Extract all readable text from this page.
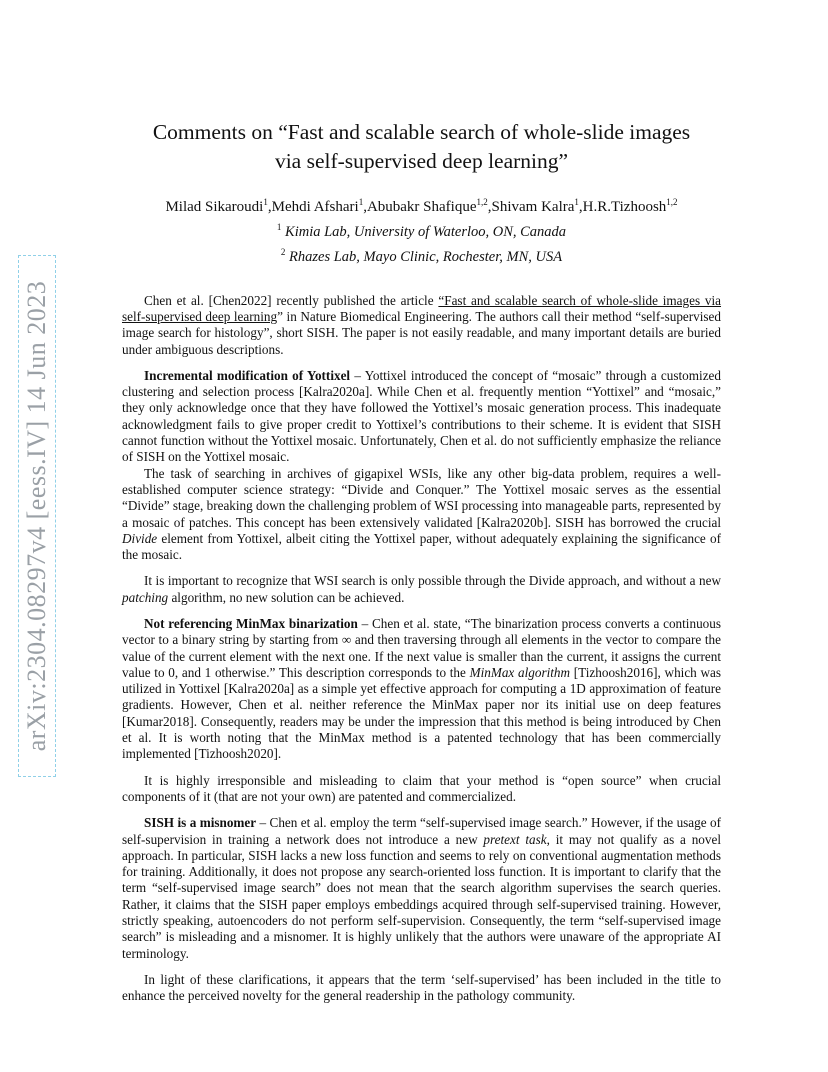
arXiv:2304.08297v4 [eess.IV] 14 Jun 2023
Comments on “Fast and scalable search of whole-slide images
via self-supervised deep learning”
Milad Sikaroudi$^1$,Mehdi Afshari$^1$,Abubakr Shafique$^{1,2}$,Shivam Kalra$^1$,H.R.Tizhoosh$^{1,2}$
$^1$ Kimia Lab, University of Waterloo, ON, Canada
$^2$ Rhazes Lab, Mayo Clinic, Rochester, MN, USA

Chen et al. [Chen2022] recently published the article “Fast and scalable search of whole-slide images via self-supervised deep learning” in Nature Biomedical Engineering. The authors call their method “self-supervised image search for histology”, short SISH. The paper is not easily readable, and many important details are buried under ambiguous descriptions.

Incremental modification of Yottixel – Yottixel introduced the concept of “mosaic” through a customized clustering and selection process [Kalra2020a]. While Chen et al. frequently mention “Yottixel” and “mosaic,” they only acknowledge once that they have followed the Yottixel’s mosaic generation process. This inadequate acknowledgment fails to give proper credit to Yottixel’s contributions to their scheme. It is evident that SISH cannot function without the Yottixel mosaic. Unfortunately, Chen et al. do not sufficiently emphasize the reliance of SISH on the Yottixel mosaic.

The task of searching in archives of gigapixel WSIs, like any other big-data problem, requires a well-established computer science strategy: “Divide and Conquer.” The Yottixel mosaic serves as the essential “Divide” stage, breaking down the challenging problem of WSI processing into manageable parts, represented by a mosaic of patches. This concept has been extensively validated [Kalra2020b]. SISH has borrowed the crucial Divide element from Yottixel, albeit citing the Yottixel paper, without adequately explaining the significance of the mosaic.

It is important to recognize that WSI search is only possible through the Divide approach, and without a new patching algorithm, no new solution can be achieved.

Not referencing MinMax binarization – Chen et al. state, “The binarization process converts a continuous vector to a binary string by starting from ∞ and then traversing through all elements in the vector to compare the value of the current element with the next one. If the next value is smaller than the current, it assigns the current value to 0, and 1 otherwise.” This description corresponds to the MinMax algorithm [Tizhoosh2016], which was utilized in Yottixel [Kalra2020a] as a simple yet effective approach for computing a 1D approximation of feature gradients. However, Chen et al. neither reference the MinMax paper nor its initial use on deep features [Kumar2018]. Consequently, readers may be under the impression that this method is being introduced by Chen et al. It is worth noting that the MinMax method is a patented technology that has been commercially implemented [Tizhoosh2020].

It is highly irresponsible and misleading to claim that your method is “open source” when crucial components of it (that are not your own) are patented and commercialized.

SISH is a misnomer – Chen et al. employ the term “self-supervised image search.” However, if the usage of self-supervision in training a network does not introduce a new pretext task, it may not qualify as a novel approach. In particular, SISH lacks a new loss function and seems to rely on conventional augmentation methods for training. Additionally, it does not propose any search-oriented loss function. It is important to clarify that the term “self-supervised image search” does not mean that the search algorithm supervises the search queries. Rather, it claims that the SISH paper employs embeddings acquired through self-supervised training. However, strictly speaking, autoencoders do not perform self-supervision. Consequently, the term “self-supervised image search” is misleading and a misnomer. It is highly unlikely that the authors were unaware of the appropriate AI terminology.

In light of these clarifications, it appears that the term ‘self-supervised’ has been included in the title to enhance the perceived novelty for the general readership in the pathology community.
